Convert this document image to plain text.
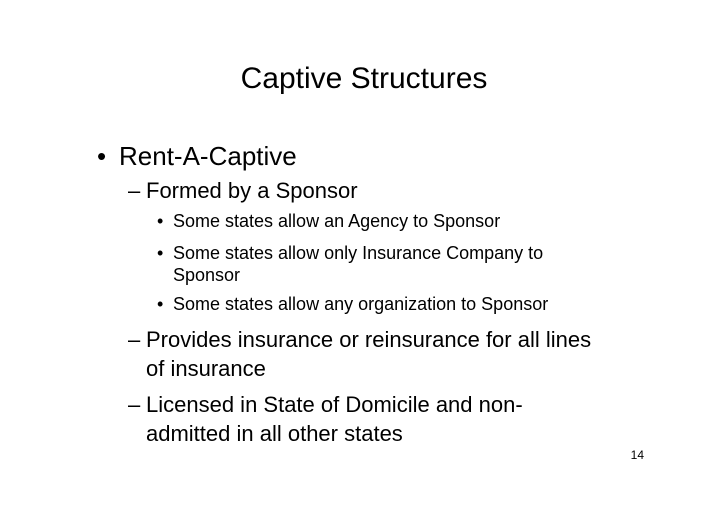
Captive Structures
• Rent-A-Captive
– Formed by a Sponsor
• Some states allow an Agency to Sponsor
• Some states allow only Insurance Company to
Sponsor
• Some states allow any organization to Sponsor
– Provides insurance or reinsurance for all lines
of insurance
– Licensed in State of Domicile and non-
admitted in all other states
14
